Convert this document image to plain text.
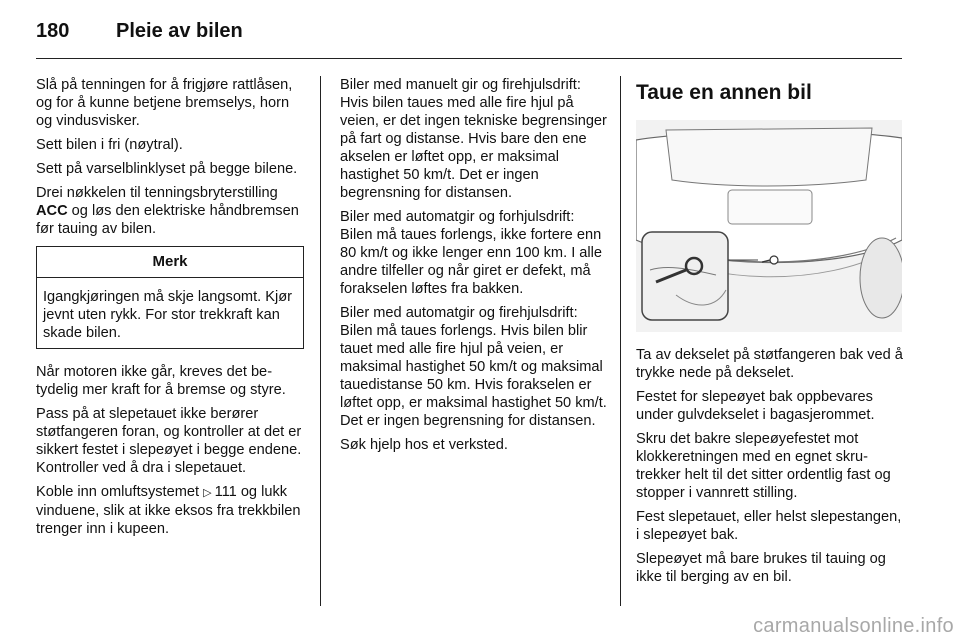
180	Pleie av bilen

Slå på tenningen for å frigjøre rattlåsen, og for å kunne betjene bremselys, horn og vindusvisker.

Sett bilen i fri (nøytral).

Sett på varselblinklyset på begge bilene.

Drei nøkkelen til tenningsbryterstilling ACC og løs den elektriske håndbremsen før tauing av bilen.

Merk

Igangkjøringen må skje langsomt. Kjør jevnt uten rykk. For stor trekkraft kan skade bilen.

Når motoren ikke går, kreves det betydelig mer kraft for å bremse og styre.

Pass på at slepetauet ikke berører støtfangeren foran, og kontroller at det er sikkert festet i slepeøyet i begge endene. Kontroller ved å dra i slepetauet.

Koble inn omluftsystemet ▷ 111 og lukk vinduene, slik at ikke eksos fra trekkbilen trenger inn i kupeen.

Biler med manuelt gir og firehjulsdrift: Hvis bilen taues med alle fire hjul på veien, er det ingen tekniske begrensinger på fart og distanse. Hvis bare den ene akselen er løftet opp, er maksimal hastighet 50 km/t. Det er ingen begrensning for distansen.

Biler med automatgir og forhjulsdrift: Bilen må taues forlengs, ikke fortere enn 80 km/t og ikke lenger enn 100 km. I alle andre tilfeller og når giret er defekt, må forakselen løftes fra bakken.

Biler med automatgir og firehjulsdrift: Bilen må taues forlengs. Hvis bilen blir tauet med alle fire hjul på veien, er maksimal hastighet 50 km/t og maksimal tauedistanse 50 km. Hvis forakselen er løftet opp, er maksimal hastighet 50 km/t. Det er ingen begrensning for distansen.

Søk hjelp hos et verksted.

Taue en annen bil

Ta av dekselet på støtfangeren bak ved å trykke nede på dekselet.

Festet for slepeøyet bak oppbevares under gulvdekselet i bagasjerommet.

Skru det bakre slepeøyefestet mot klokkeretningen med en egnet skrutrekker helt til det sitter ordentlig fast og stopper i vannrett stilling.

Fest slepetauet, eller helst slepestangen, i slepeøyet bak.

Slepeøyet må bare brukes til tauing og ikke til berging av en bil.

carmanualsonline.info
